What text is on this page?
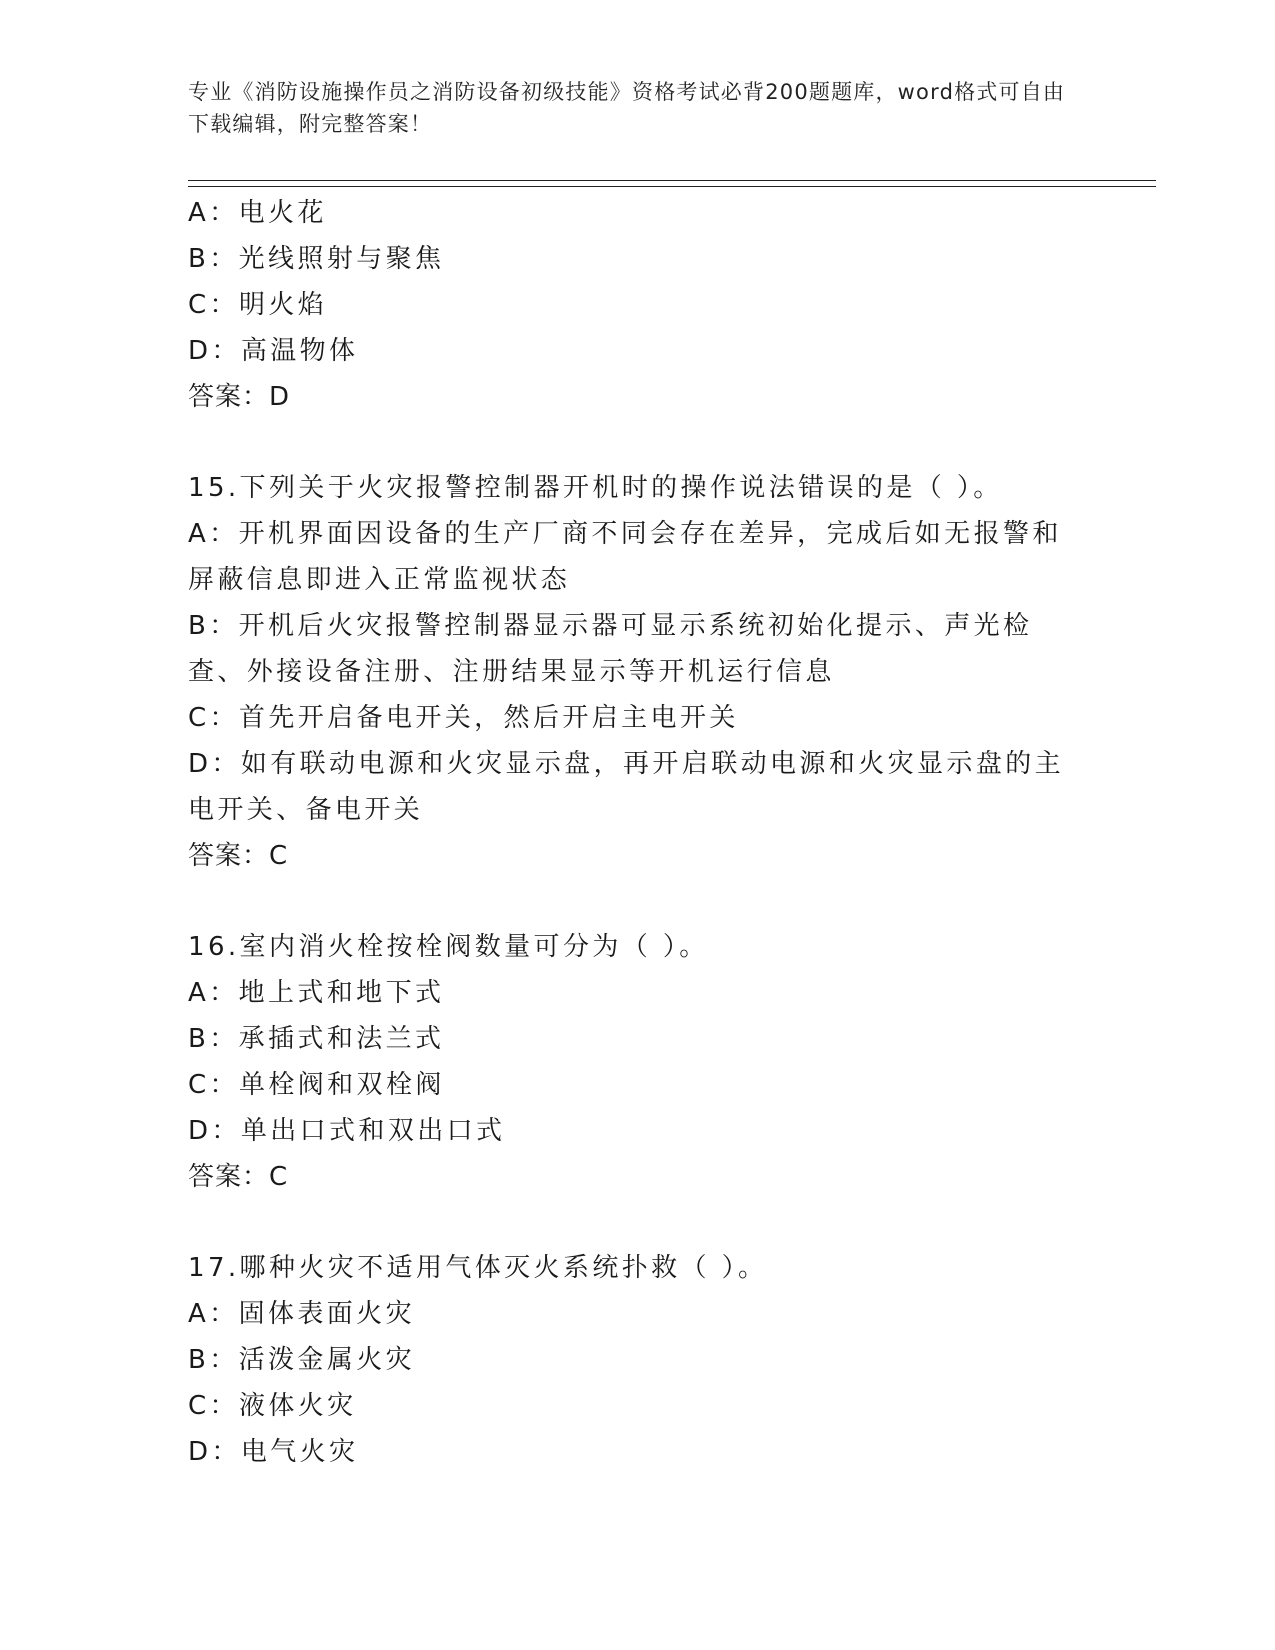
专业《消防设施操作员之消防设备初级技能》资格考试必背200题题库，word格式可自由下载编辑，附完整答案！
A：电火花
B：光线照射与聚焦
C：明火焰
D：高温物体
答案：D
15.下列关于火灾报警控制器开机时的操作说法错误的是（ ）。
A：开机界面因设备的生产厂商不同会存在差异，完成后如无报警和屏蔽信息即进入正常监视状态
B：开机后火灾报警控制器显示器可显示系统初始化提示、声光检查、外接设备注册、注册结果显示等开机运行信息
C：首先开启备电开关，然后开启主电开关
D：如有联动电源和火灾显示盘，再开启联动电源和火灾显示盘的主电开关、备电开关
答案：C
16.室内消火栓按栓阀数量可分为（ ）。
A：地上式和地下式
B：承插式和法兰式
C：单栓阀和双栓阀
D：单出口式和双出口式
答案：C
17.哪种火灾不适用气体灭火系统扑救（ ）。
A：固体表面火灾
B：活泼金属火灾
C：液体火灾
D：电气火灾
